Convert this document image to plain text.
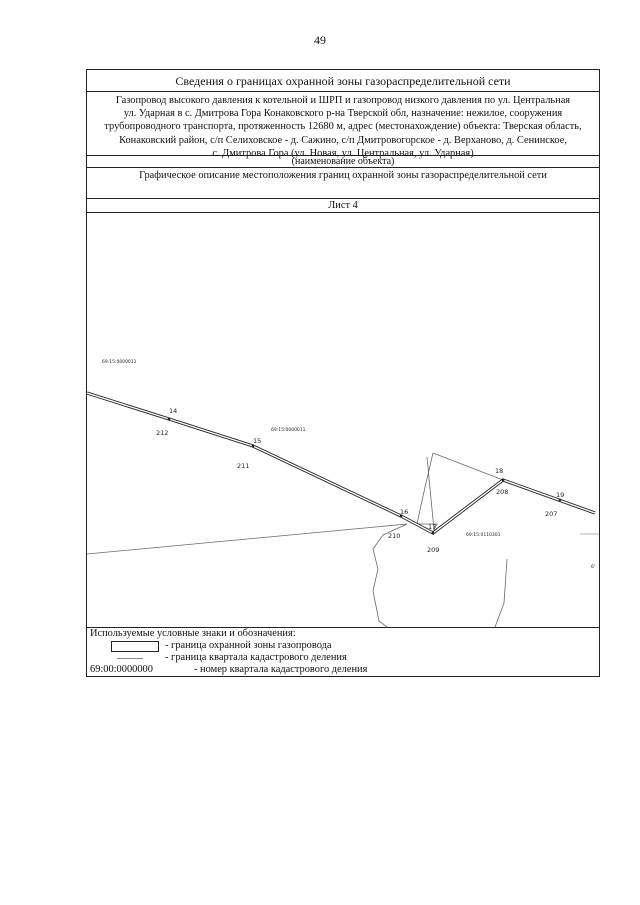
49
Сведения о границах охранной зоны газораспределительной сети
Газопровод высокого давления к котельной и ШРП и газопровод низкого давления по ул. Центральная
ул. Ударная в с. Дмитрова Гора Конаковского р-на Тверской обл, назначение: нежилое, сооружения
трубопроводного транспорта, протяженность 12680 м, адрес (местонахождение) объекта: Тверская область,
Конаковский район, с/п Селиховское - д. Сажино, с/п Дмитровогорское - д. Верханово, д. Сенинское,
с. Дмитрова Гора (ул. Новая, ул. Центральная, ул. Ударная)
(наименование объекта)
Графическое описание местоположения границ охранной зоны газораспределительной сети
Лист 4
69:15:0000011
69:15:0000011
69:15:0110301
6'
14
212
15
211
16
210
17
209
18
208	19
207
Используемые условные знаки и обозначения:
- граница охранной зоны газопровода
- граница квартала кадастрового деления
69:00:0000000	- номер квартала кадастрового деления
